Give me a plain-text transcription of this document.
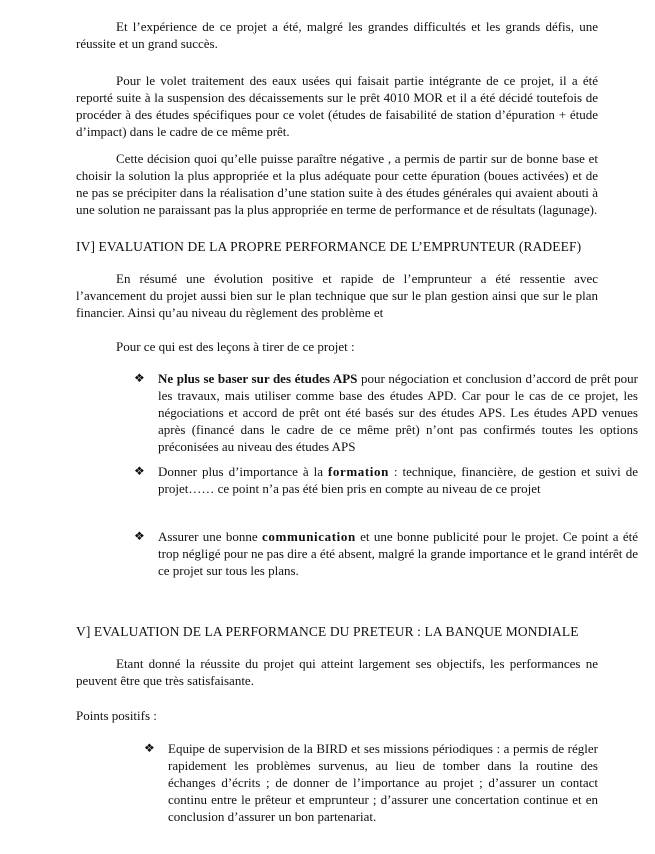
Et l’expérience de ce projet a été, malgré les grandes difficultés et les grands défis, une réussite et un grand succès.

Pour le volet traitement des eaux usées qui faisait partie intégrante de ce projet, il a été reporté suite à la suspension des décaissements sur le prêt 4010 MOR et il a été décidé toutefois de procéder à des études spécifiques pour ce volet (études de faisabilité de station d’épuration + étude d’impact) dans le cadre de ce même prêt.

Cette décision quoi qu’elle puisse paraître négative , a permis de partir sur de bonne base et choisir la solution la plus appropriée et la plus adéquate pour cette épuration (boues activées) et de ne pas se précipiter dans la réalisation d’une station suite à des études générales qui avaient abouti à une solution ne paraissant pas la plus appropriée en terme de performance et de résultats (lagunage).

IV] EVALUATION DE LA PROPRE PERFORMANCE DE L’EMPRUNTEUR (RADEEF)

En résumé une évolution positive et rapide de l’emprunteur a été ressentie avec l’avancement du projet aussi bien sur le plan technique que sur le plan gestion ainsi que sur le plan financier. Ainsi qu’au niveau du règlement des problème et

Pour ce qui est des leçons à tirer de ce projet :

❖ Ne plus se baser sur des études APS pour négociation et conclusion d’accord de prêt pour les travaux, mais utiliser comme base des études APD. Car pour le cas de ce projet, les négociations et accord de prêt ont été basés sur des études APS. Les études APD venues après (financé dans le cadre de ce même prêt) n’ont pas confirmés toutes les options préconisées au niveau des études APS
❖ Donner plus d’importance à la formation : technique, financière, de gestion et suivi de projet…… ce point n’a pas été bien pris en compte au niveau de ce projet
❖ Assurer une bonne communication et une bonne publicité pour le projet. Ce point a été trop négligé pour ne pas dire a été absent, malgré la grande importance et le grand intérêt de ce projet sur tous les plans.
V] EVALUATION DE LA PERFORMANCE DU PRETEUR : LA BANQUE MONDIALE

Etant donné la réussite du projet qui atteint largement ses objectifs, les performances ne peuvent être que très satisfaisante.

Points positifs :

❖ Equipe de supervision de la BIRD et ses missions périodiques : a permis de régler rapidement les problèmes survenus, au lieu de tomber dans la routine des échanges d’écrits ; de donner de l’importance au projet ; d’assurer un contact continu entre le prêteur et emprunteur ; d’assurer une concertation continue et en conclusion d’assurer un bon partenariat.
